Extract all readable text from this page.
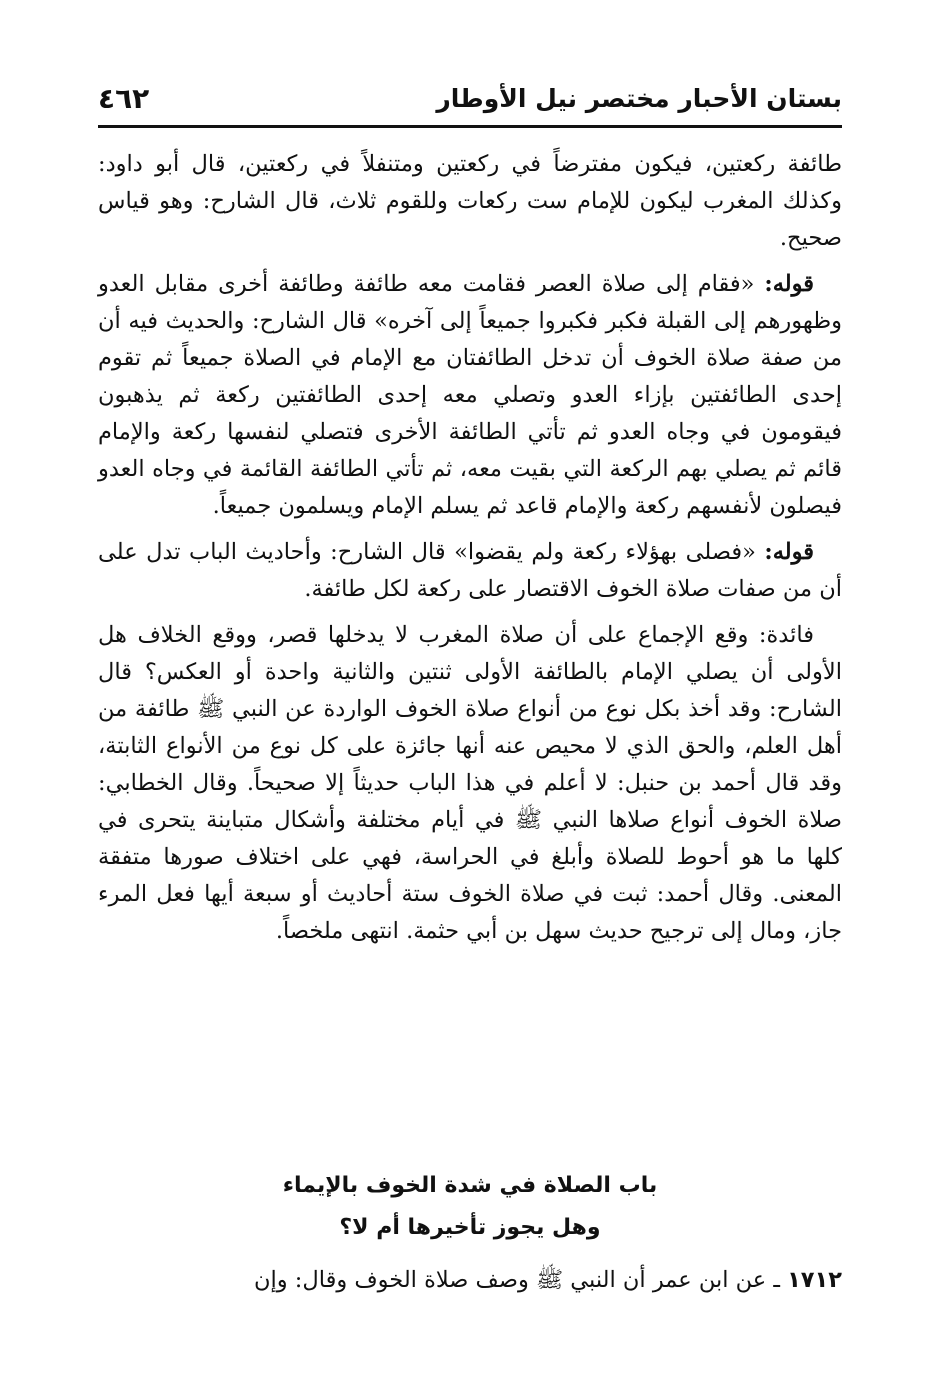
بستان الأحبار مختصر نيل الأوطار
٤٦٢

طائفة ركعتين، فيكون مفترضاً في ركعتين ومتنفلاً في ركعتين، قال أبو داود: وكذلك المغرب ليكون للإمام ست ركعات وللقوم ثلاث، قال الشارح: وهو قياس صحيح.

قوله: «فقام إلى صلاة العصر فقامت معه طائفة وطائفة أخرى مقابل العدو وظهورهم إلى القبلة فكبر فكبروا جميعاً إلى آخره» قال الشارح: والحديث فيه أن من صفة صلاة الخوف أن تدخل الطائفتان مع الإمام في الصلاة جميعاً ثم تقوم إحدى الطائفتين بإزاء العدو وتصلي معه إحدى الطائفتين ركعة ثم يذهبون فيقومون في وجاه العدو ثم تأتي الطائفة الأخرى فتصلي لنفسها ركعة والإمام قائم ثم يصلي بهم الركعة التي بقيت معه، ثم تأتي الطائفة القائمة في وجاه العدو فيصلون لأنفسهم ركعة والإمام قاعد ثم يسلم الإمام ويسلمون جميعاً.

قوله: «فصلى بهؤلاء ركعة ولم يقضوا» قال الشارح: وأحاديث الباب تدل على أن من صفات صلاة الخوف الاقتصار على ركعة لكل طائفة.

فائدة: وقع الإجماع على أن صلاة المغرب لا يدخلها قصر، ووقع الخلاف هل الأولى أن يصلي الإمام بالطائفة الأولى ثنتين والثانية واحدة أو العكس؟ قال الشارح: وقد أخذ بكل نوع من أنواع صلاة الخوف الواردة عن النبي ﷺ طائفة من أهل العلم، والحق الذي لا محيص عنه أنها جائزة على كل نوع من الأنواع الثابتة، وقد قال أحمد بن حنبل: لا أعلم في هذا الباب حديثاً إلا صحيحاً. وقال الخطابي: صلاة الخوف أنواع صلاها النبي ﷺ في أيام مختلفة وأشكال متباينة يتحرى في كلها ما هو أحوط للصلاة وأبلغ في الحراسة، فهي على اختلاف صورها متفقة المعنى. وقال أحمد: ثبت في صلاة الخوف ستة أحاديث أو سبعة أيها فعل المرء جاز، ومال إلى ترجيح حديث سهل بن أبي حثمة. انتهى ملخصاً.

باب الصلاة في شدة الخوف بالإيماء
وهل يجوز تأخيرها أم لا؟
١٧١٢ ـ عن ابن عمر أن النبي ﷺ وصف صلاة الخوف وقال: وإن
